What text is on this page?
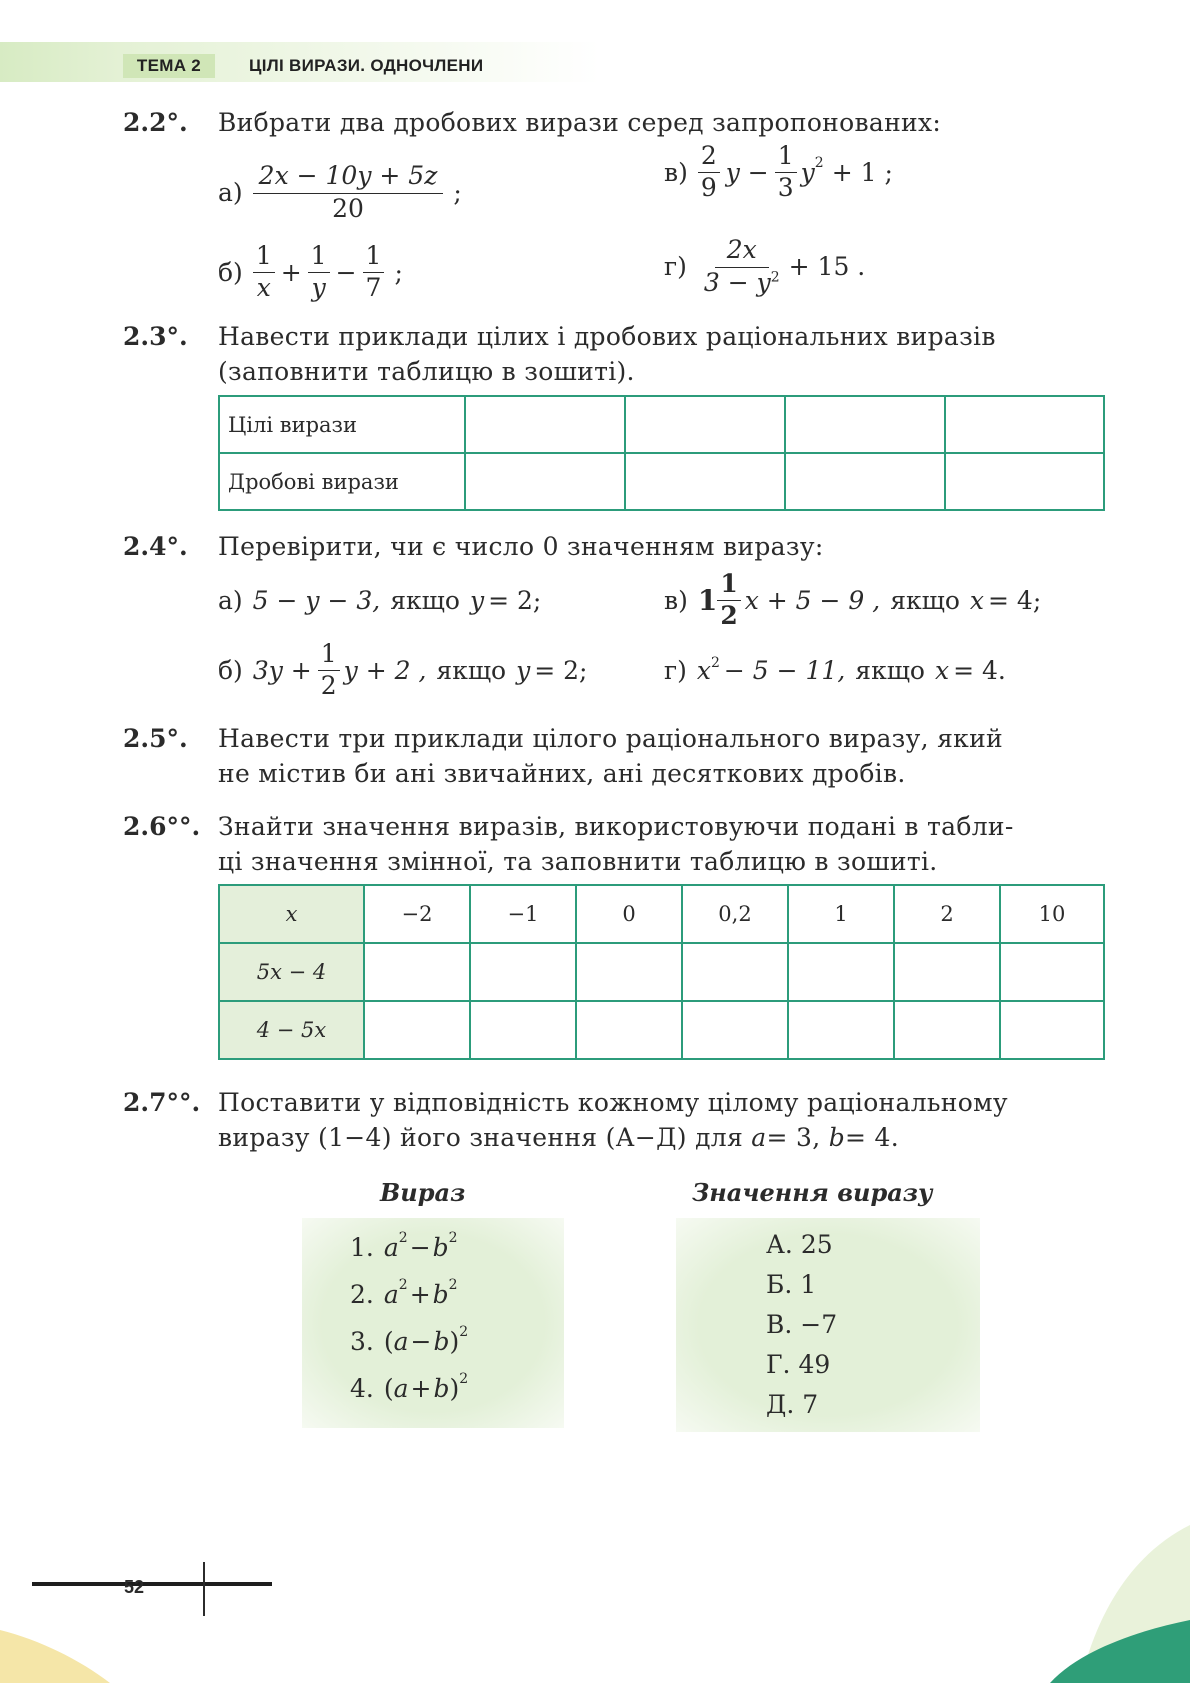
ТЕМА 2	ЦІЛІ ВИРАЗИ. ОДНОЧЛЕНИ
2.2°. Вибрати два дробових вирази серед запропонованих:
$а) \frac{2x - 10y + 5z}{20}$ ;
$в) \frac{2}{9}$ $y - \frac{1}{3} y^2 + 1$ ;
$б) \frac{1}{x} + \frac{1}{y} - \frac{1}{7}$ ;	$г) \frac{2x}{3 - y^2} + 15$ .
2.3°. Навести приклади цілих і дробових раціональних виразів
(заповнити таблицю в зошиті).
Цілі вирази				
Дробові вирази				
2.4°. Перевірити, чи є число 0 значенням виразу:
а) 5 − y − 3, якщо y = 2;	в) $1 \frac{1}{2}$ x + 5 − 9 , якщо x = 4;
б) $3y + \frac{1}{2}$ y + 2 , якщо y = 2;	г) $x^2 - 5 - 11$, якщо x = 4.
2.5°. Навести три приклади цілого раціонального виразу, який
не містив би ані звичайних, ані десяткових дробів.
2.6°°. Знайти значення виразів, використовуючи подані в табли-
ці значення змінної, та заповнити таблицю в зошиті.
x	−2	−1	0	0,2	1	2	10
5x − 4							
4 − 5x							
2.7°°. Поставити у відповідність кожному цілому раціональному
виразу (1−4) його значення (А−Д) для a= 3, b= 4.
Вираз	Значення виразу
1. $a^2 - b^2$
2. $a^2 + b^2$
3. ( a − b )$^2$
4. ( a + b )$^2$
А. 25
Б. 1
В. −7
Г. 49
Д. 7
52
